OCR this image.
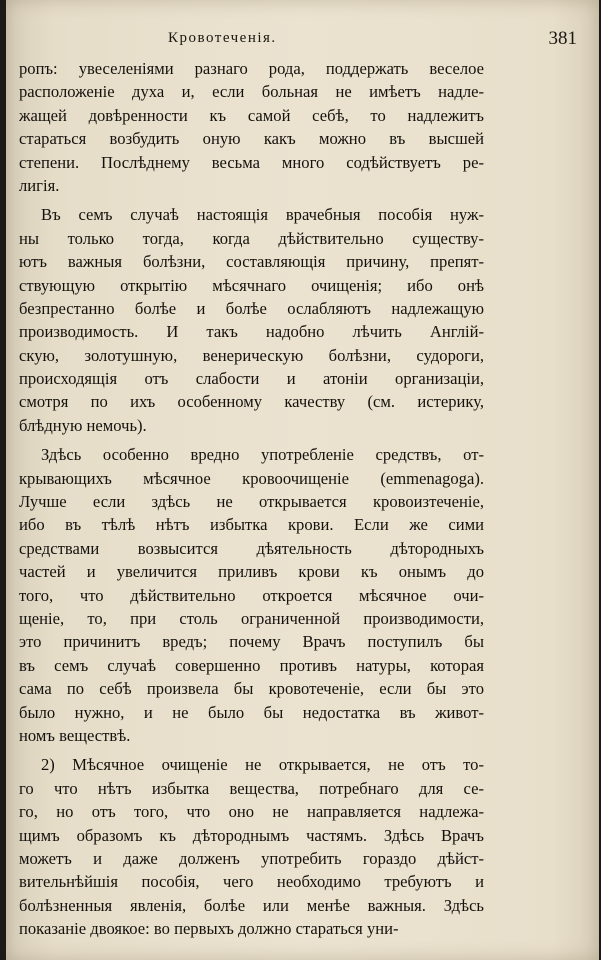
Кровотеченія.	381
ропъ: увеселеніями разнаго рода, поддержать веселое
расположеніе духа и, если больная не имѣетъ надле-
жащей довѣренности къ самой себѣ, то надлежитъ
стараться возбудить оную какъ можно въ высшей
степени. Послѣднему весьма много содѣйствуетъ ре-
лигія.
Въ семъ случаѣ настоящія врачебныя пособія нуж-
ны только тогда, когда дѣйствительно существу-
ютъ важныя болѣзни, составляющія причину, препят-
ствующую открытію мѣсячнаго очищенія; ибо онѣ
безпрестанно болѣе и болѣе ослабляютъ надлежащую
производимость. И такъ надобно лѣчить Англій-
скую, золотушную, венерическую болѣзни, судороги,
происходящія отъ слабости и атоніи организаціи,
смотря по ихъ особенному качеству (см. истерику,
блѣдную немочь).
Здѣсь особенно вредно употребленіе средствъ, от-
крывающихъ мѣсячное кровоочищеніе (emmenagoga).
Лучше если здѣсь не открывается кровоизтеченіе,
ибо въ тѣлѣ нѣтъ избытка крови. Если же сими
средствами возвысится дѣятельность дѣтородныхъ
частей и увеличится приливъ крови къ онымъ до
того, что дѣйствительно откроется мѣсячное очи-
щеніе, то, при столь ограниченной производимости,
это причинитъ вредъ; почему Врачъ поступилъ бы
въ семъ случаѣ совершенно противъ натуры, которая
сама по себѣ произвела бы кровотеченіе, если бы это
было нужно, и не было бы недостатка въ живот-
номъ веществѣ.
2) Мѣсячное очищеніе не открывается, не отъ то-
го что нѣтъ избытка вещества, потребнаго для се-
го, но отъ того, что оно не направляется надлежа-
щимъ образомъ къ дѣтороднымъ частямъ. Здѣсь Врачъ
можетъ и даже долженъ употребить гораздо дѣйст-
вительнѣйшія пособія, чего необходимо требуютъ и
болѣзненныя явленія, болѣе или менѣе важныя. Здѣсь
показаніе двоякое: во первыхъ должно стараться уни-
